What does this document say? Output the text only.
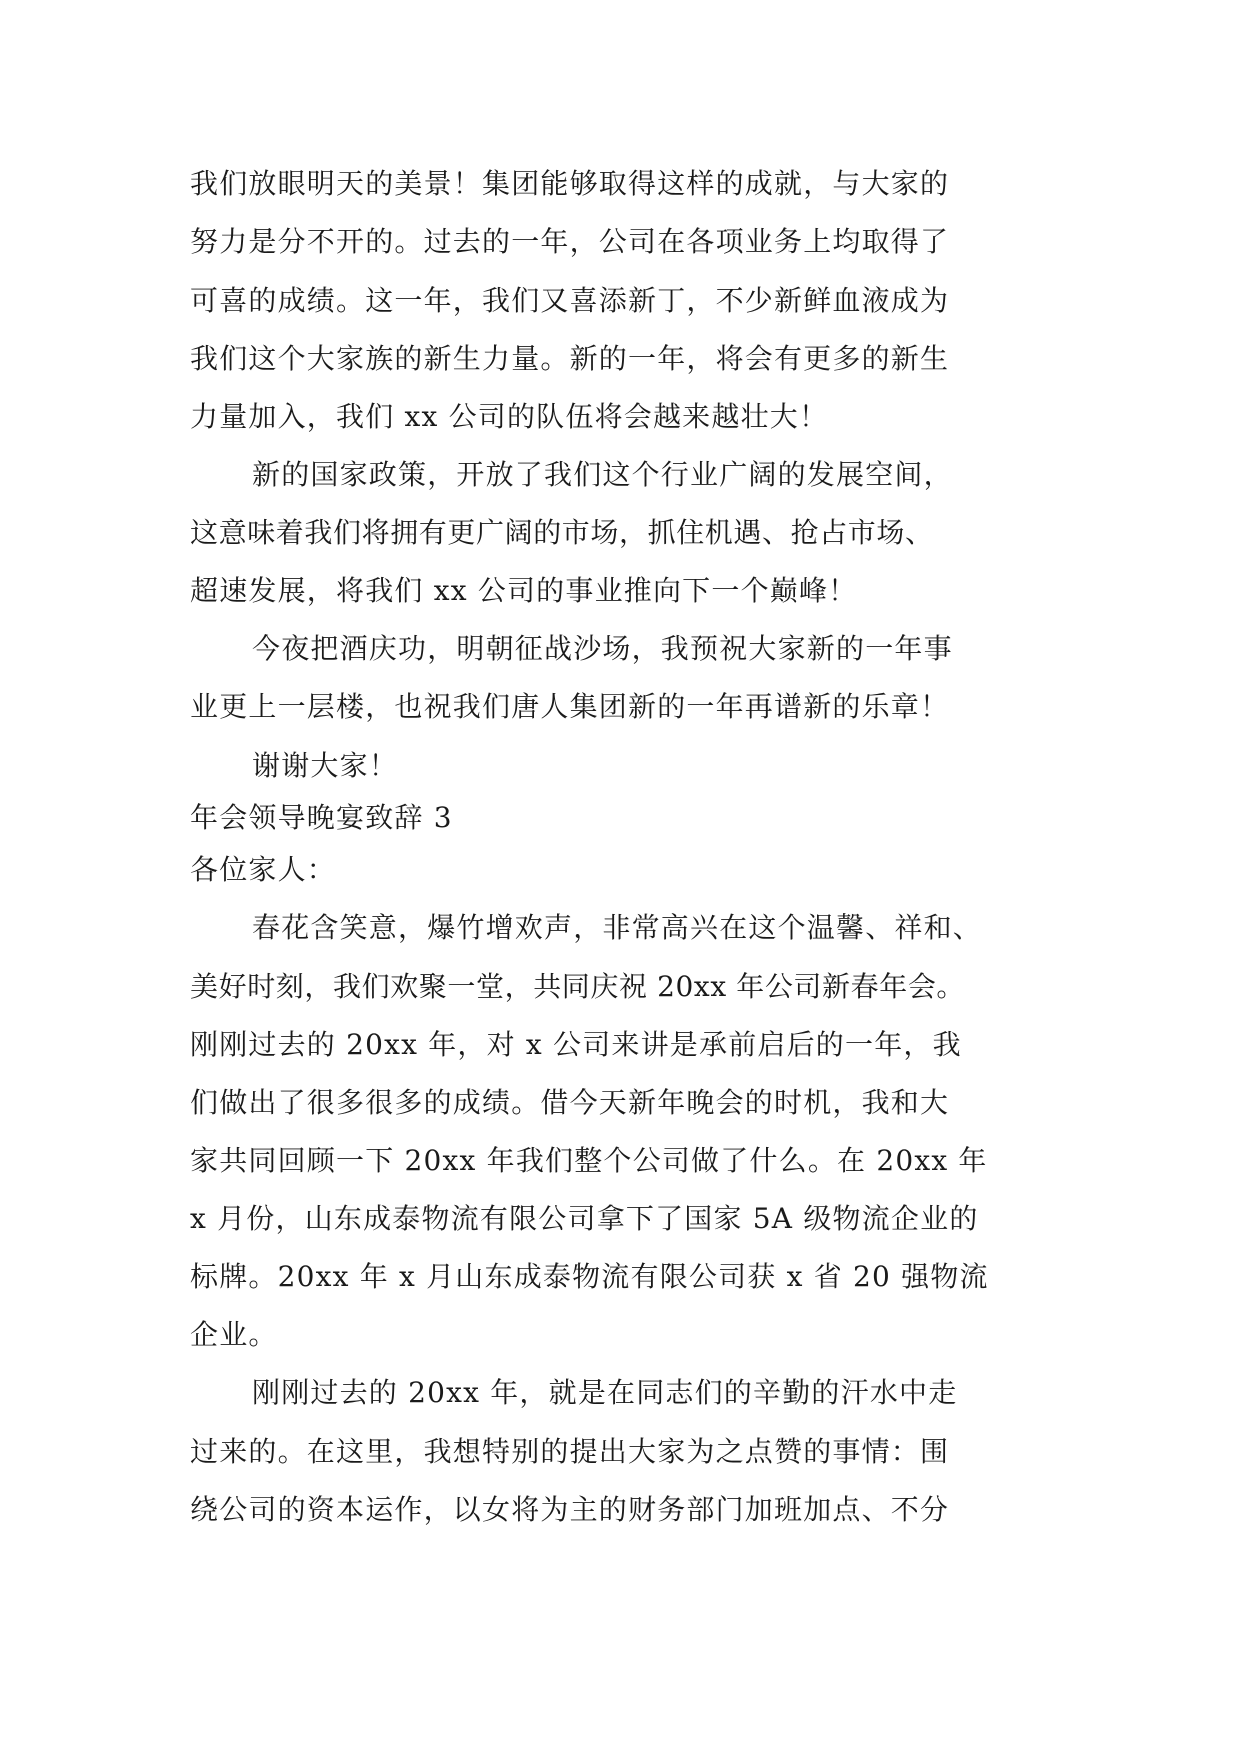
我们放眼明天的美景！集团能够取得这样的成就，与大家的
努力是分不开的。过去的一年，公司在各项业务上均取得了
可喜的成绩。这一年，我们又喜添新丁，不少新鲜血液成为
我们这个大家族的新生力量。新的一年，将会有更多的新生
力量加入，我们 xx 公司的队伍将会越来越壮大！
新的国家政策，开放了我们这个行业广阔的发展空间，
这意味着我们将拥有更广阔的市场，抓住机遇、抢占市场、
超速发展，将我们 xx 公司的事业推向下一个巅峰！
今夜把酒庆功，明朝征战沙场，我预祝大家新的一年事
业更上一层楼，也祝我们唐人集团新的一年再谱新的乐章！
谢谢大家！
年会领导晚宴致辞 3
各位家人：
春花含笑意，爆竹增欢声，非常高兴在这个温馨、祥和、
美好时刻，我们欢聚一堂，共同庆祝 20xx 年公司新春年会。
刚刚过去的 20xx 年，对 x 公司来讲是承前启后的一年，我
们做出了很多很多的成绩。借今天新年晚会的时机，我和大
家共同回顾一下 20xx 年我们整个公司做了什么。在 20xx 年
x 月份，山东成泰物流有限公司拿下了国家 5A 级物流企业的
标牌。20xx 年 x 月山东成泰物流有限公司获 x 省 20 强物流
企业。
刚刚过去的 20xx 年，就是在同志们的辛勤的汗水中走
过来的。在这里，我想特别的提出大家为之点赞的事情：围
绕公司的资本运作，以女将为主的财务部门加班加点、不分
